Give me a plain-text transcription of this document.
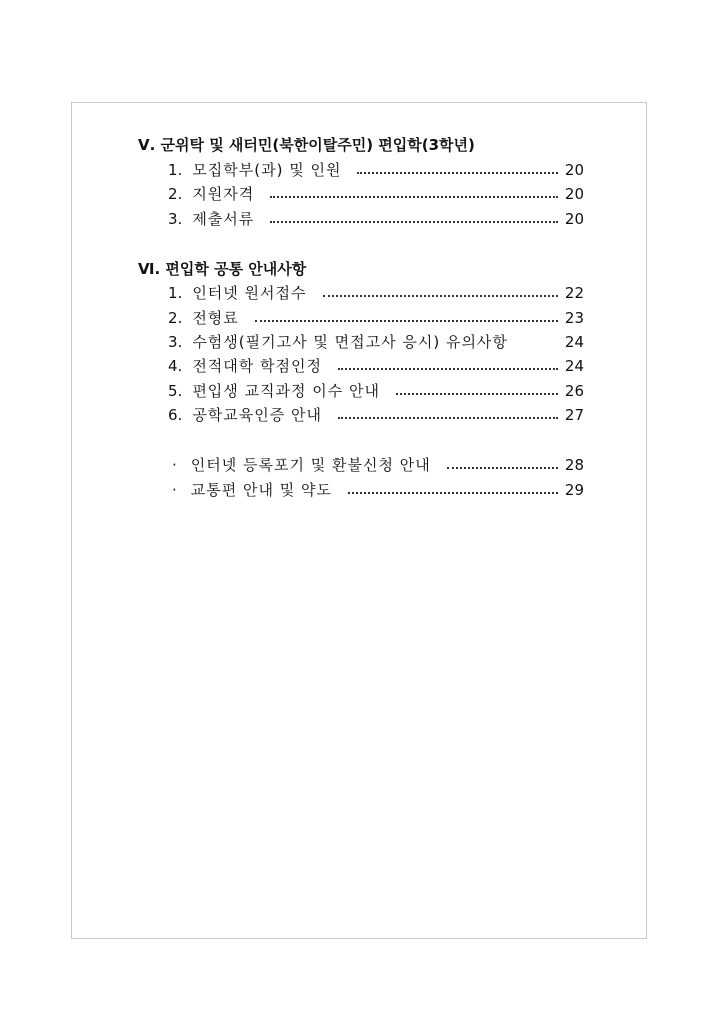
Ⅴ. 군위탁 및 새터민(북한이탈주민) 편입학(3학년)
1. 모집학부(과) 및 인원	20
2. 지원자격	20
3. 제출서류	20
Ⅵ. 편입학 공통 안내사항
1. 인터넷 원서접수	22
2. 전형료	23
3. 수험생(필기고사 및 면접고사 응시) 유의사항	24
4. 전적대학 학점인정	24
5. 편입생 교직과정 이수 안내	26
6. 공학교육인증 안내	27
· 인터넷 등록포기 및 환불신청 안내	28
· 교통편 안내 및 약도	29
